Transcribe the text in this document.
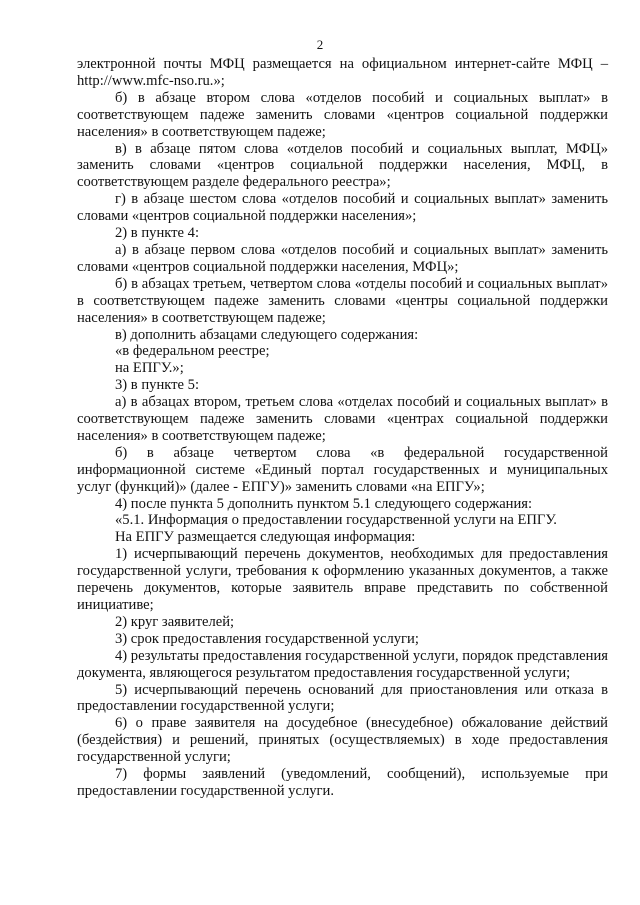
2

электронной почты МФЦ размещается на официальном интернет-сайте МФЦ – http://www.mfc-nso.ru.»;

б) в абзаце втором слова «отделов пособий и социальных выплат» в соответствующем падеже заменить словами «центров социальной поддержки населения» в соответствующем падеже;

в) в абзаце пятом слова «отделов пособий и социальных выплат, МФЦ» заменить словами «центров социальной поддержки населения, МФЦ, в соответствующем разделе федерального реестра»;

г) в абзаце шестом слова «отделов пособий и социальных выплат» заменить словами «центров социальной поддержки населения»;

2) в пункте 4:

а) в абзаце первом слова «отделов пособий и социальных выплат» заменить словами «центров социальной поддержки населения, МФЦ»;

б) в абзацах третьем, четвертом слова «отделы пособий и социальных выплат» в соответствующем падеже заменить словами «центры социальной поддержки населения» в соответствующем падеже;

в) дополнить абзацами следующего содержания:

«в федеральном реестре;

на ЕПГУ.»;

3) в пункте 5:

а) в абзацах втором, третьем слова «отделах пособий и социальных выплат» в соответствующем падеже заменить словами «центрах социальной поддержки населения» в соответствующем падеже;

б) в абзаце четвертом слова «в федеральной государственной информационной системе «Единый портал государственных и муниципальных услуг (функций)» (далее - ЕПГУ)» заменить словами «на ЕПГУ»;

4) после пункта 5 дополнить пунктом 5.1 следующего содержания:

«5.1. Информация о предоставлении государственной услуги на ЕПГУ.

На ЕПГУ размещается следующая информация:

1) исчерпывающий перечень документов, необходимых для предоставления государственной услуги, требования к оформлению указанных документов, а также перечень документов, которые заявитель вправе представить по собственной инициативе;

2) круг заявителей;

3) срок предоставления государственной услуги;

4) результаты предоставления государственной услуги, порядок представления документа, являющегося результатом предоставления государственной услуги;

5) исчерпывающий перечень оснований для приостановления или отказа в предоставлении государственной услуги;

6) о праве заявителя на досудебное (внесудебное) обжалование действий (бездействия) и решений, принятых (осуществляемых) в ходе предоставления государственной услуги;

7) формы заявлений (уведомлений, сообщений), используемые при предоставлении государственной услуги.
